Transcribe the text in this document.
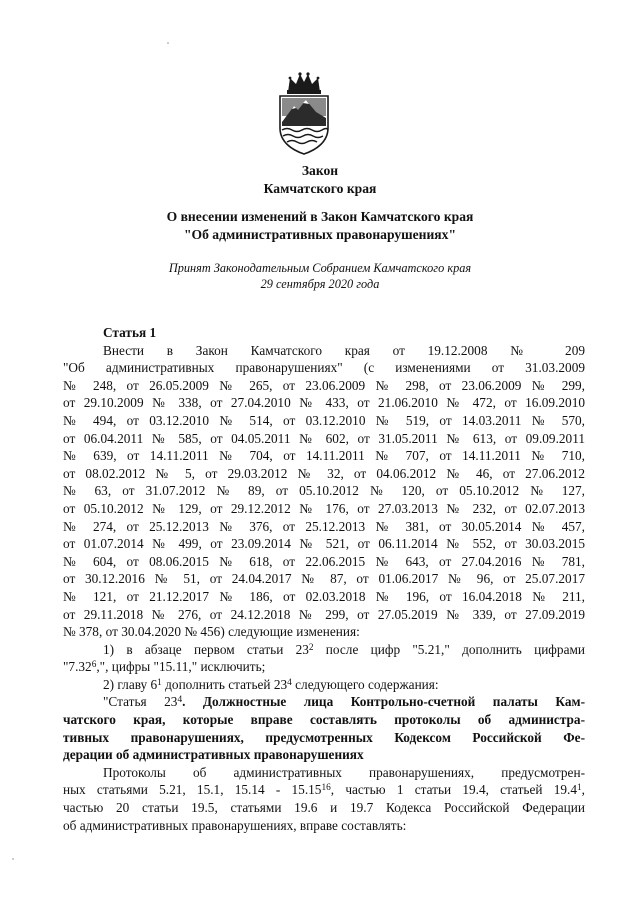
Закон
Камчатского края
О внесении изменений в Закон Камчатского края
"Об административных правонарушениях"
Принят Законодательным Собранием Камчатского края
29 сентября 2020 года

Статья 1

Внести в Закон Камчатского края от 19.12.2008 № 209

"Об административных правонарушениях" (с изменениями от 31.03.2009

№ 248, от 26.05.2009 № 265, от 23.06.2009 № 298, от 23.06.2009 № 299,

от 29.10.2009 № 338, от 27.04.2010 № 433, от 21.06.2010 № 472, от 16.09.2010

№ 494, от 03.12.2010 № 514, от 03.12.2010 № 519, от 14.03.2011 № 570,

от 06.04.2011 № 585, от 04.05.2011 № 602, от 31.05.2011 № 613, от 09.09.2011

№ 639, от 14.11.2011 № 704, от 14.11.2011 № 707, от 14.11.2011 № 710,

от 08.02.2012 № 5, от 29.03.2012 № 32, от 04.06.2012 № 46, от 27.06.2012

№ 63, от 31.07.2012 № 89, от 05.10.2012 № 120, от 05.10.2012 № 127,

от 05.10.2012 № 129, от 29.12.2012 № 176, от 27.03.2013 № 232, от 02.07.2013

№ 274, от 25.12.2013 № 376, от 25.12.2013 № 381, от 30.05.2014 № 457,

от 01.07.2014 № 499, от 23.09.2014 № 521, от 06.11.2014 № 552, от 30.03.2015

№ 604, от 08.06.2015 № 618, от 22.06.2015 № 643, от 27.04.2016 № 781,

от 30.12.2016 № 51, от 24.04.2017 № 87, от 01.06.2017 № 96, от 25.07.2017

№ 121, от 21.12.2017 № 186, от 02.03.2018 № 196, от 16.04.2018 № 211,

от 29.11.2018 № 276, от 24.12.2018 № 299, от 27.05.2019 № 339, от 27.09.2019

№ 378, от 30.04.2020 № 456) следующие изменения:

1) в абзаце первом статьи $23^2$ после цифр "5.21," дополнить цифрами

"7.32$^6$,", цифры "15.11," исключить;

2) главу $6^1$ дополнить статьей $23^4$ следующего содержания:

"Статья $23^4$. Должностные лица Контрольно-счетной палаты Кам-

чатского края, которые вправе составлять протоколы об администра-

тивных правонарушениях, предусмотренных Кодексом Российской Фе-

дерации об административных правонарушениях

Протоколы об административных правонарушениях, предусмотрен-

ных статьями 5.21, 15.1, 15.14 - 15.15$^{16}$, частью 1 статьи 19.4, статьей 19.4$^1$,

частью 20 статьи 19.5, статьями 19.6 и 19.7 Кодекса Российской Федерации

об административных правонарушениях, вправе составлять:
